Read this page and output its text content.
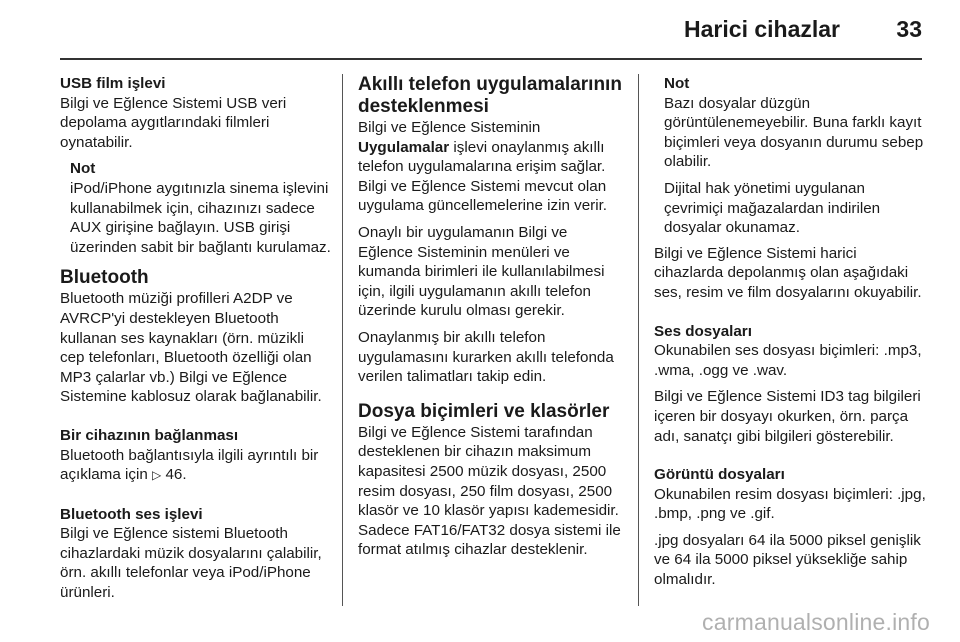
Harici cihazlar 33

USB film işlevi

Bilgi ve Eğlence Sistemi USB veri depolama aygıtlarındaki filmleri oynatabilir.

Not
iPod/iPhone aygıtınızla sinema işlevini kullanabilmek için, cihazınızı sadece AUX girişine bağlayın. USB girişi üzerinden sabit bir bağlantı kurulamaz.

Bluetooth

Bluetooth müziği profilleri A2DP ve AVRCP'yi destekleyen Bluetooth kullanan ses kaynakları (örn. müzikli cep telefonları, Bluetooth özelliği olan MP3 çalarlar vb.) Bilgi ve Eğlence Sistemine kablosuz olarak bağlanabilir.

Bir cihazının bağlanması

Bluetooth bağlantısıyla ilgili ayrıntılı bir açıklama için ▷ 46.

Bluetooth ses işlevi

Bilgi ve Eğlence sistemi Bluetooth cihazlardaki müzik dosyalarını çalabilir, örn. akıllı telefonlar veya iPod/iPhone ürünleri.

Akıllı telefon uygulamalarının desteklenmesi

Bilgi ve Eğlence Sisteminin Uygulamalar işlevi onaylanmış akıllı telefon uygulamalarına erişim sağlar. Bilgi ve Eğlence Sistemi mevcut olan uygulama güncellemelerine izin verir.

Onaylı bir uygulamanın Bilgi ve Eğlence Sisteminin menüleri ve kumanda birimleri ile kullanılabilmesi için, ilgili uygulamanın akıllı telefon üzerinde kurulu olması gerekir.

Onaylanmış bir akıllı telefon uygulamasını kurarken akıllı telefonda verilen talimatları takip edin.

Dosya biçimleri ve klasörler

Bilgi ve Eğlence Sistemi tarafından desteklenen bir cihazın maksimum kapasitesi 2500 müzik dosyası, 2500 resim dosyası, 250 film dosyası, 2500 klasör ve 10 klasör yapısı kademesidir. Sadece FAT16/FAT32 dosya sistemi ile format atılmış cihazlar desteklenir.

Not

Bazı dosyalar düzgün görüntülenemeyebilir. Buna farklı kayıt biçimleri veya dosyanın durumu sebep olabilir.

Dijital hak yönetimi uygulanan çevrimiçi mağazalardan indirilen dosyalar okunamaz.

Bilgi ve Eğlence Sistemi harici cihazlarda depolanmış olan aşağıdaki ses, resim ve film dosyalarını okuyabilir.

Ses dosyaları

Okunabilen ses dosyası biçimleri: .mp3, .wma, .ogg ve .wav.

Bilgi ve Eğlence Sistemi ID3 tag bilgileri içeren bir dosyayı okurken, örn. parça adı, sanatçı gibi bilgileri gösterebilir.

Görüntü dosyaları

Okunabilen resim dosyası biçimleri: .jpg, .bmp, .png ve .gif.

.jpg dosyaları 64 ila 5000 piksel genişlik ve 64 ila 5000 piksel yüksekliğe sahip olmalıdır.

carmanualsonline.info
